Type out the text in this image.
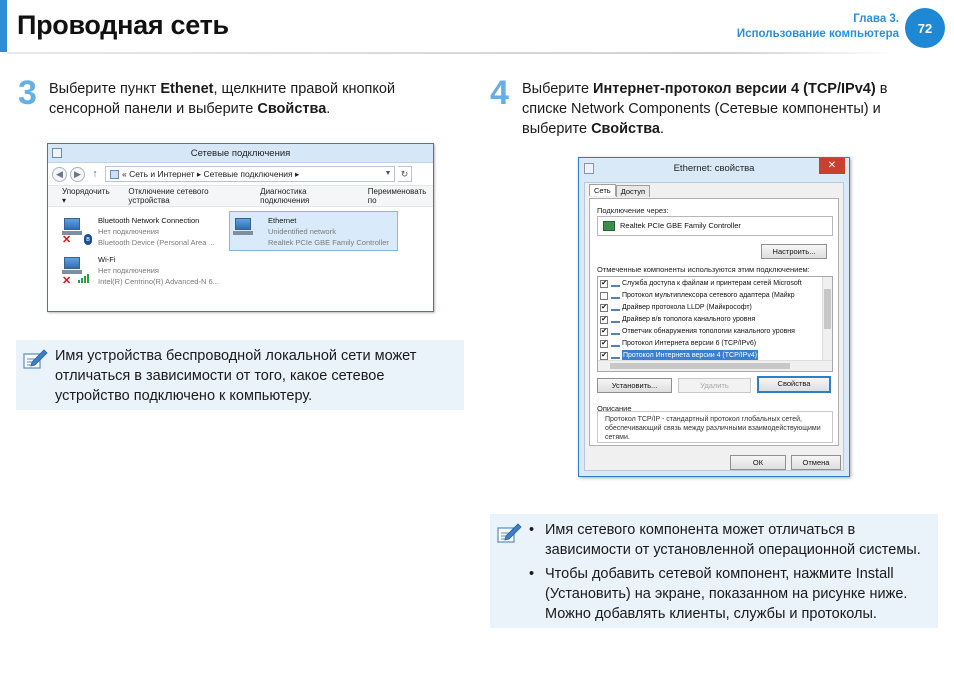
Проводная сеть	Глава 3.
Использование компьютера	72
3 Выберите пункт Ethenet, щелкните правой кнопкой сенсорной панели и выберите Свойства.
Сетевые подключения
◀	▶	↑	« Сеть и Интернет ▸ Сетевые подключения ▸	▼	↻
Упорядочить ▾
Отключение сетевого устройства
Диагностика подключения
Переименовать по
✕	ʙ
Bluetooth Network Connection
Нет подключения
Bluetooth Device (Personal Area ...
Ethernet
Unidentified network
Realtek PCIe GBE Family Controller
✕
Wi-Fi
Нет подключения
Intel(R) Centrino(R) Advanced-N 6...
Имя устройства беспроводной локальной сети может отличаться в зависимости от того, какое сетевое устройство подключено к компьютеру.
4 Выберите Интернет-протокол версии 4 (TCP/IPv4) в списке Network Components (Сетевые компоненты) и выберите Свойства.
Ethernet: свойства	✕
Сеть	Доступ
Подключение через:
Realtek PCIe GBE Family Controller
Настроить...
Отмеченные компоненты используются этим подключением:
✔ Служба доступа к файлам и принтерам сетей Microsoft
Протокол мультиплексора сетевого адаптера (Майкр
✔ Драйвер протокола LLDP (Майкрософт)
✔ Драйвер в/в тополога канального уровня
✔ Ответчик обнаружения топологии канального уровня
✔ Протокол Интернета версии 6 (TCP/IPv6)
✔ Протокол Интернета версии 4 (TCP/IPv4)
Установить...	Удалить	Свойства
Описание
Протокол TCP/IP - стандартный протокол глобальных сетей, обеспечивающий связь между различными взаимодействующими сетями.
ОК	Отмена
• Имя сетевого компонента может отличаться в зависимости от установленной операционной системы.
• Чтобы добавить сетевой компонент, нажмите Install (Установить) на экране, показанном на рисунке ниже. Можно добавлять клиенты, службы и протоколы.
